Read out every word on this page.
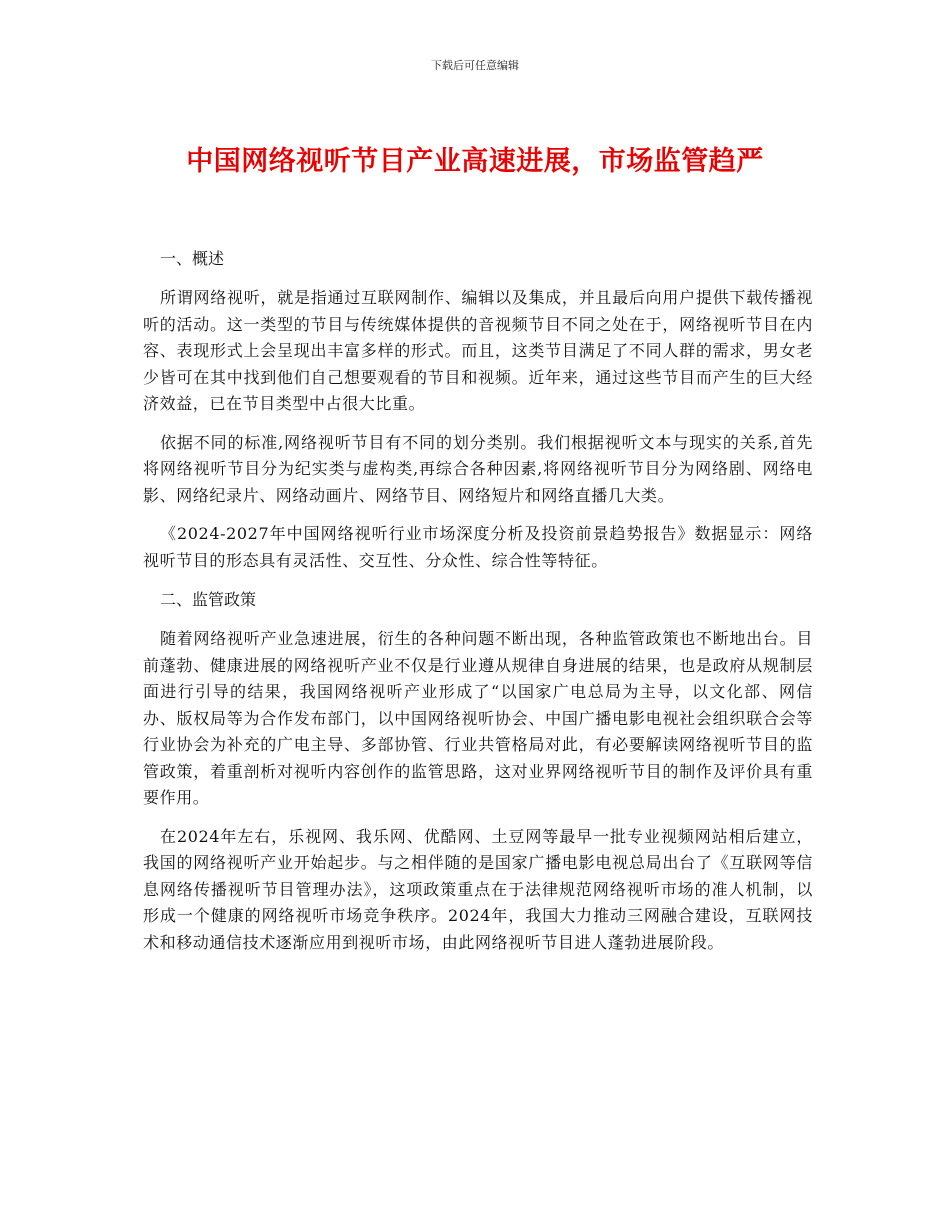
下载后可任意编辑
中国网络视听节目产业高速进展，市场监管趋严

一、概述

所谓网络视听，就是指通过互联网制作、编辑以及集成，并且最后向用户提供下载传播视听的活动。这一类型的节目与传统媒体提供的音视频节目不同之处在于，网络视听节目在内容、表现形式上会呈现出丰富多样的形式。而且，这类节目满足了不同人群的需求，男女老少皆可在其中找到他们自己想要观看的节目和视频。近年来，通过这些节目而产生的巨大经济效益，已在节目类型中占很大比重。

依据不同的标准,网络视听节目有不同的划分类别。我们根据视听文本与现实的关系,首先将网络视听节目分为纪实类与虚构类,再综合各种因素,将网络视听节目分为网络剧、网络电影、网络纪录片、网络动画片、网络节目、网络短片和网络直播几大类。

《2024-2027年中国网络视听行业市场深度分析及投资前景趋势报告》数据显示：网络视听节目的形态具有灵活性、交互性、分众性、综合性等特征。

二、监管政策

随着网络视听产业急速进展，衍生的各种问题不断出现，各种监管政策也不断地出台。目前蓬勃、健康进展的网络视听产业不仅是行业遵从规律自身进展的结果，也是政府从规制层面进行引导的结果，我国网络视听产业形成了“以国家广电总局为主导，以文化部、网信办、版权局等为合作发布部门，以中国网络视听协会、中国广播电影电视社会组织联合会等行业协会为补充的广电主导、多部协管、行业共管格局对此，有必要解读网络视听节目的监管政策，着重剖析对视听内容创作的监管思路，这对业界网络视听节目的制作及评价具有重要作用。

在2024年左右，乐视网、我乐网、优酷网、土豆网等最早一批专业视频网站相后建立，我国的网络视听产业开始起步。与之相伴随的是国家广播电影电视总局出台了《互联网等信息网络传播视听节目管理办法》，这项政策重点在于法律规范网络视听市场的准人机制，以形成一个健康的网络视听市场竞争秩序。2024年，我国大力推动三网融合建设，互联网技术和移动通信技术逐渐应用到视听市场，由此网络视听节目进人蓬勃进展阶段。
